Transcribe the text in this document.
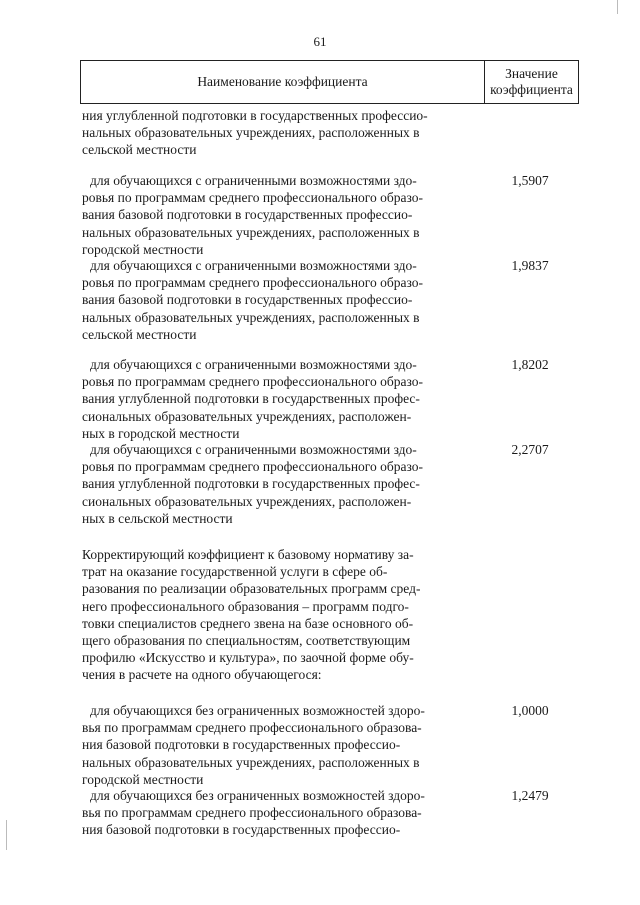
61
Наименование коэффициента
Значение
коэффициента
ния углубленной подготовки в государственных профессио-
нальных образовательных учреждениях, расположенных в
сельской местности
для обучающихся с ограниченными возможностями здо-
ровья по программам среднего профессионального образо-
вания базовой подготовки в государственных профессио-
нальных образовательных учреждениях, расположенных в
городской местности
1,5907
для обучающихся с ограниченными возможностями здо-
ровья по программам среднего профессионального образо-
вания базовой подготовки в государственных профессио-
нальных образовательных учреждениях, расположенных в
сельской местности
1,9837
для обучающихся с ограниченными возможностями здо-
ровья по программам среднего профессионального образо-
вания углубленной подготовки в государственных профес-
сиональных образовательных учреждениях, расположен-
ных в городской местности
1,8202
для обучающихся с ограниченными возможностями здо-
ровья по программам среднего профессионального образо-
вания углубленной подготовки в государственных профес-
сиональных образовательных учреждениях, расположен-
ных в сельской местности
2,2707
Корректирующий коэффициент к базовому нормативу за-
трат на оказание государственной услуги в сфере об-
разования по реализации образовательных программ сред-
него профессионального образования – программ подго-
товки специалистов среднего звена на базе основного об-
щего образования по специальностям, соответствующим
профилю «Искусство и культура», по заочной форме обу-
чения в расчете на одного обучающегося:
для обучающихся без ограниченных возможностей здоро-
вья по программам среднего профессионального образова-
ния базовой подготовки в государственных профессио-
нальных образовательных учреждениях, расположенных в
городской местности
1,0000
для обучающихся без ограниченных возможностей здоро-
вья по программам среднего профессионального образова-
ния базовой подготовки в государственных профессио-
1,2479
